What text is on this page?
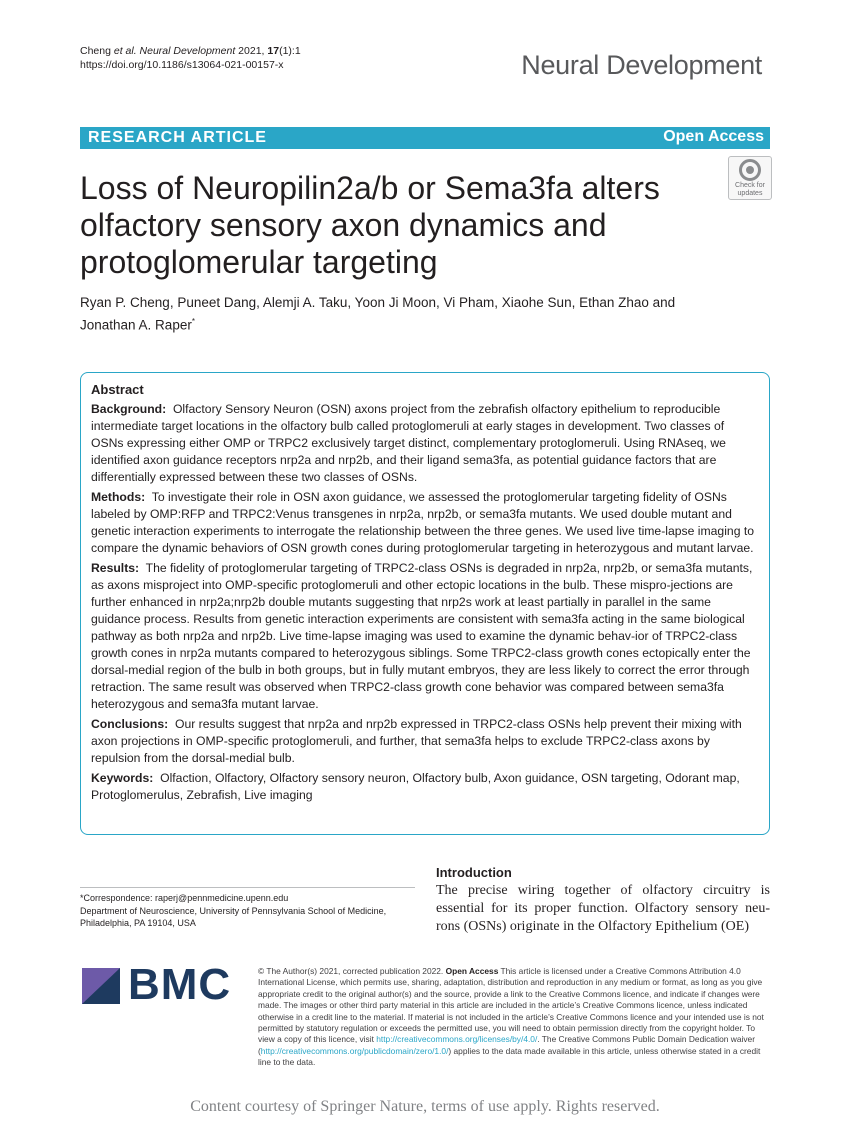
Cheng et al. Neural Development 2021, 17(1):1
https://doi.org/10.1186/s13064-021-00157-x	Neural Development
RESEARCH ARTICLE	Open Access
Check for
updates
Loss of Neuropilin2a/b or Sema3fa alters olfactory sensory axon dynamics and protoglomerular targeting
Ryan P. Cheng, Puneet Dang, Alemji A. Taku, Yoon Ji Moon, Vi Pham, Xiaohe Sun, Ethan Zhao and Jonathan A. Raper*
Abstract

Background: Olfactory Sensory Neuron (OSN) axons project from the zebrafish olfactory epithelium to reproducible intermediate target locations in the olfactory bulb called protoglomeruli at early stages in development. Two classes of OSNs expressing either OMP or TRPC2 exclusively target distinct, complementary protoglomeruli. Using RNAseq, we identified axon guidance receptors nrp2a and nrp2b, and their ligand sema3fa, as potential guidance factors that are differentially expressed between these two classes of OSNs.

Methods: To investigate their role in OSN axon guidance, we assessed the protoglomerular targeting fidelity of OSNs labeled by OMP:RFP and TRPC2:Venus transgenes in nrp2a, nrp2b, or sema3fa mutants. We used double mutant and genetic interaction experiments to interrogate the relationship between the three genes. We used live time-lapse imaging to compare the dynamic behaviors of OSN growth cones during protoglomerular targeting in heterozygous and mutant larvae.

Results: The fidelity of protoglomerular targeting of TRPC2-class OSNs is degraded in nrp2a, nrp2b, or sema3fa mutants, as axons misproject into OMP-specific protoglomeruli and other ectopic locations in the bulb. These mispro-jections are further enhanced in nrp2a;nrp2b double mutants suggesting that nrp2s work at least partially in parallel in the same guidance process. Results from genetic interaction experiments are consistent with sema3fa acting in the same biological pathway as both nrp2a and nrp2b. Live time-lapse imaging was used to examine the dynamic behav-ior of TRPC2-class growth cones in nrp2a mutants compared to heterozygous siblings. Some TRPC2-class growth cones ectopically enter the dorsal-medial region of the bulb in both groups, but in fully mutant embryos, they are less likely to correct the error through retraction. The same result was observed when TRPC2-class growth cone behavior was compared between sema3fa heterozygous and sema3fa mutant larvae.

Conclusions: Our results suggest that nrp2a and nrp2b expressed in TRPC2-class OSNs help prevent their mixing with axon projections in OMP-specific protoglomeruli, and further, that sema3fa helps to exclude TRPC2-class axons by repulsion from the dorsal-medial bulb.

Keywords: Olfaction, Olfactory, Olfactory sensory neuron, Olfactory bulb, Axon guidance, OSN targeting, Odorant map, Protoglomerulus, Zebrafish, Live imaging

*Correspondence: raperj@pennmedicine.upenn.edu
Department of Neuroscience, University of Pennsylvania School of Medicine, Philadelphia, PA 19104, USA
Introduction
The precise wiring together of olfactory circuitry is essential for its proper function. Olfactory sensory neu-rons (OSNs) originate in the Olfactory Epithelium (OE)
BMC	© The Author(s) 2021, corrected publication 2022. Open Access This article is licensed under a Creative Commons Attribution 4.0 International License, which permits use, sharing, adaptation, distribution and reproduction in any medium or format, as long as you give appropriate credit to the original author(s) and the source, provide a link to the Creative Commons licence, and indicate if changes were made. The images or other third party material in this article are included in the article’s Creative Commons licence, unless indicated otherwise in a credit line to the material. If material is not included in the article’s Creative Commons licence and your intended use is not permitted by statutory regulation or exceeds the permitted use, you will need to obtain permission directly from the copyright holder. To view a copy of this licence, visit http://creativecommons.org/licenses/by/4.0/. The Creative Commons Public Domain Dedication waiver (http://creativecommons.org/publicdomain/zero/1.0/) applies to the data made available in this article, unless otherwise stated in a credit line to the data.
Content courtesy of Springer Nature, terms of use apply. Rights reserved.
